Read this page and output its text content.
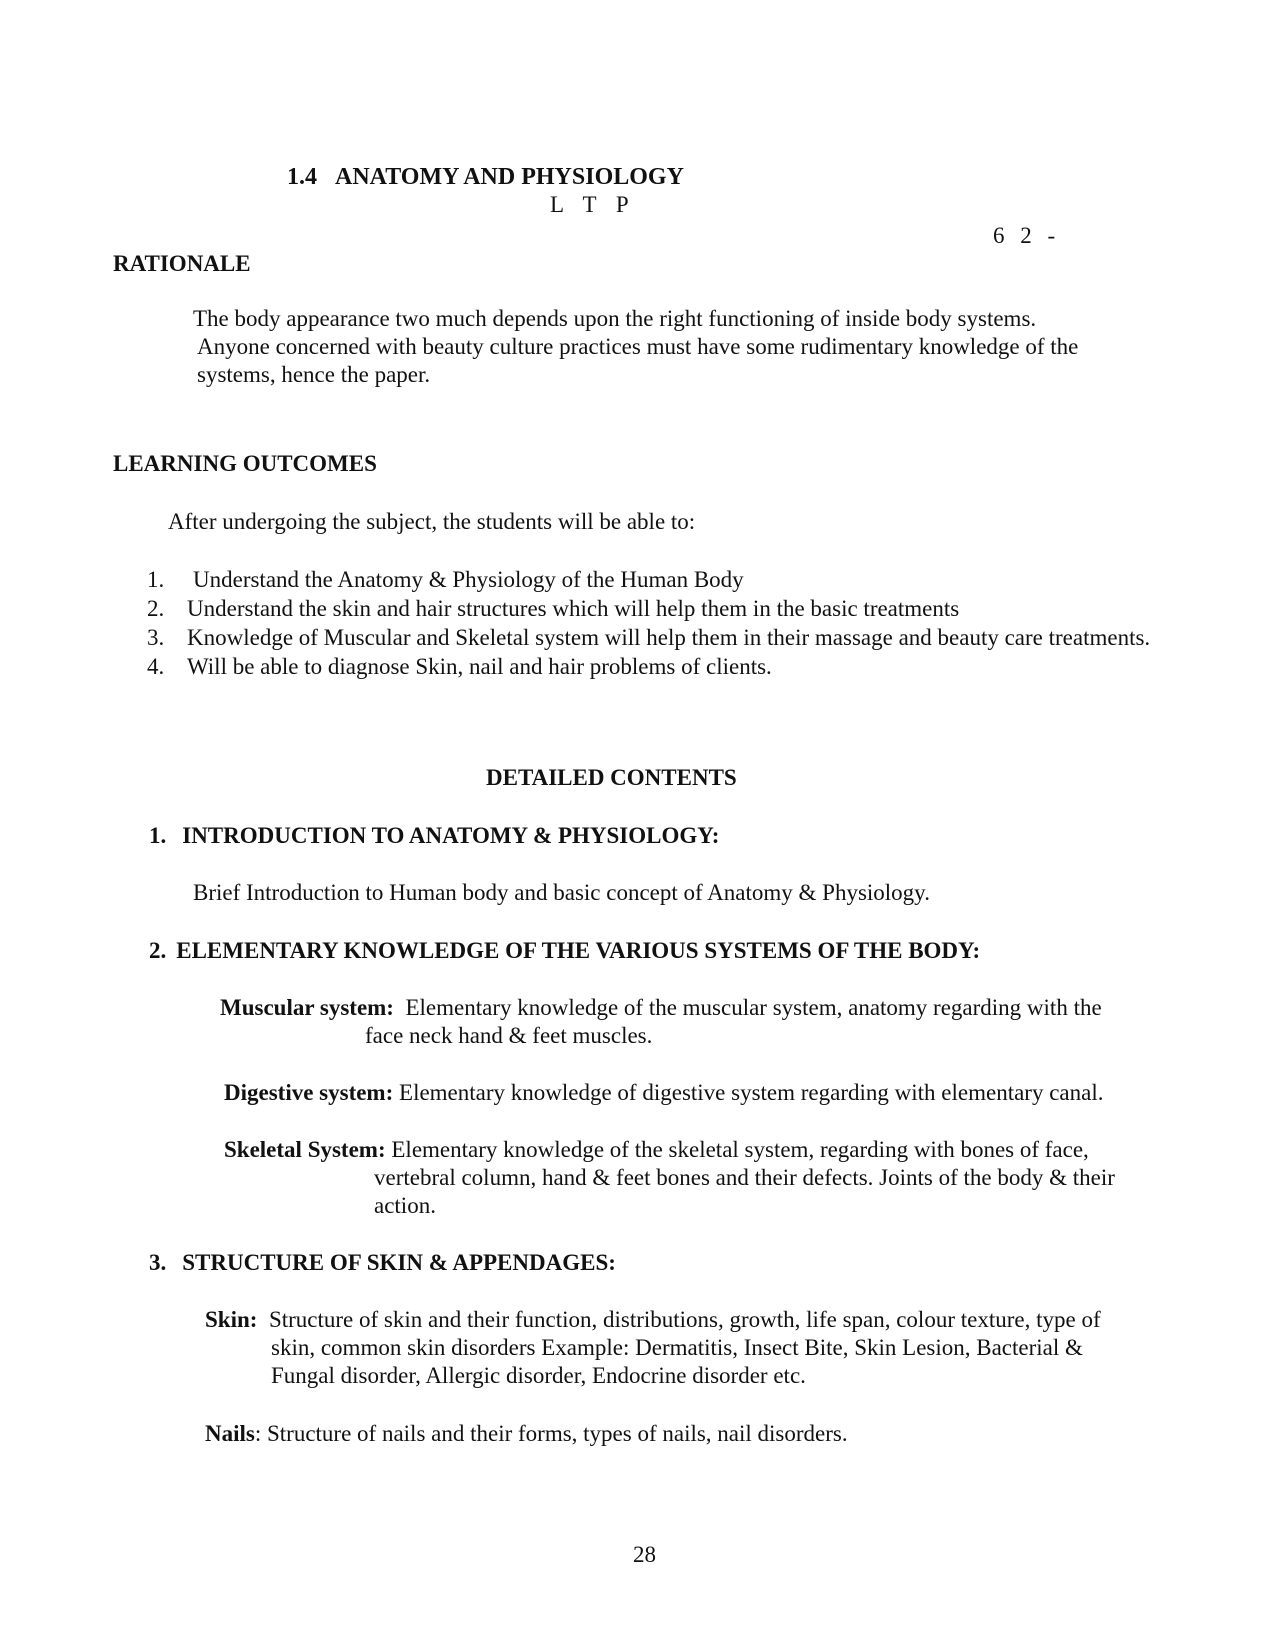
1.4 ANATOMY AND PHYSIOLOGY
L T P
6 2 -
RATIONALE
The body appearance two much depends upon the right functioning of inside body systems.
Anyone concerned with beauty culture practices must have some rudimentary knowledge of the
systems, hence the paper.
LEARNING OUTCOMES
After undergoing the subject, the students will be able to:
1. Understand the Anatomy & Physiology of the Human Body
2. Understand the skin and hair structures which will help them in the basic treatments
3. Knowledge of Muscular and Skeletal system will help them in their massage and beauty care treatments.
4. Will be able to diagnose Skin, nail and hair problems of clients.
DETAILED CONTENTS
1. INTRODUCTION TO ANATOMY & PHYSIOLOGY:
Brief Introduction to Human body and basic concept of Anatomy & Physiology.
2. ELEMENTARY KNOWLEDGE OF THE VARIOUS SYSTEMS OF THE BODY:
Muscular system: Elementary knowledge of the muscular system, anatomy regarding with the
face neck hand & feet muscles.
Digestive system: Elementary knowledge of digestive system regarding with elementary canal.
Skeletal System: Elementary knowledge of the skeletal system, regarding with bones of face,
vertebral column, hand & feet bones and their defects. Joints of the body & their
action.
3. STRUCTURE OF SKIN & APPENDAGES:
Skin: Structure of skin and their function, distributions, growth, life span, colour texture, type of
skin, common skin disorders Example: Dermatitis, Insect Bite, Skin Lesion, Bacterial &
Fungal disorder, Allergic disorder, Endocrine disorder etc.
Nails: Structure of nails and their forms, types of nails, nail disorders.
28
